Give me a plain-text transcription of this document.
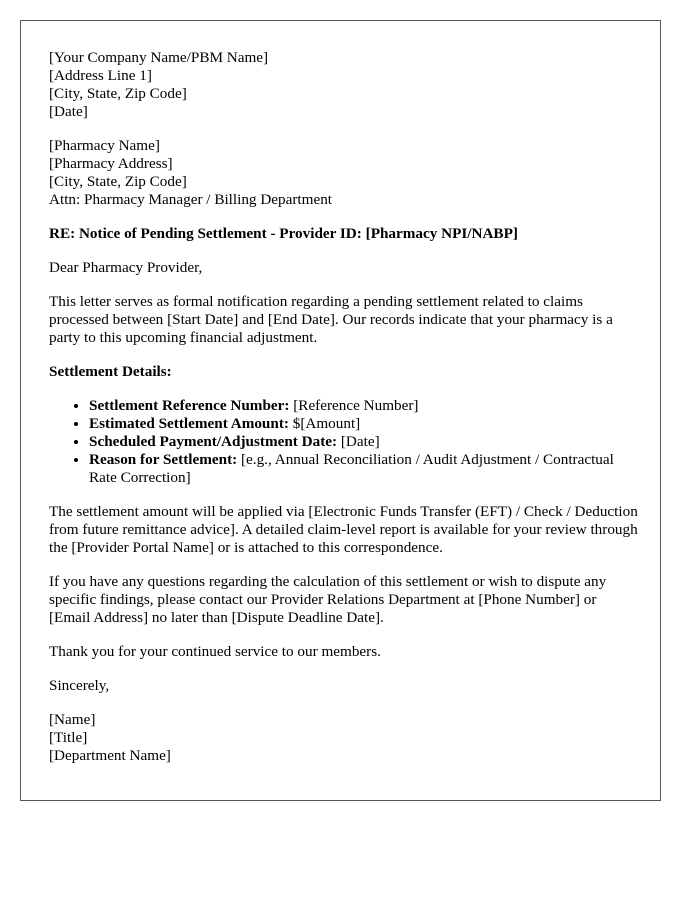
[Your Company Name/PBM Name]
[Address Line 1]
[City, State, Zip Code]
[Date]
[Pharmacy Name]
[Pharmacy Address]
[City, State, Zip Code]
Attn: Pharmacy Manager / Billing Department
RE: Notice of Pending Settlement - Provider ID: [Pharmacy NPI/NABP]
Dear Pharmacy Provider,
This letter serves as formal notification regarding a pending settlement related to claims processed between [Start Date] and [End Date]. Our records indicate that your pharmacy is a party to this upcoming financial adjustment.
Settlement Details:
• Settlement Reference Number: [Reference Number]
• Estimated Settlement Amount: $[Amount]
• Scheduled Payment/Adjustment Date: [Date]
• Reason for Settlement: [e.g., Annual Reconciliation / Audit Adjustment / Contractual Rate Correction]
The settlement amount will be applied via [Electronic Funds Transfer (EFT) / Check / Deduction from future remittance advice]. A detailed claim-level report is available for your review through the [Provider Portal Name] or is attached to this correspondence.
If you have any questions regarding the calculation of this settlement or wish to dispute any specific findings, please contact our Provider Relations Department at [Phone Number] or [Email Address] no later than [Dispute Deadline Date].
Thank you for your continued service to our members.
Sincerely,
[Name]
[Title]
[Department Name]
